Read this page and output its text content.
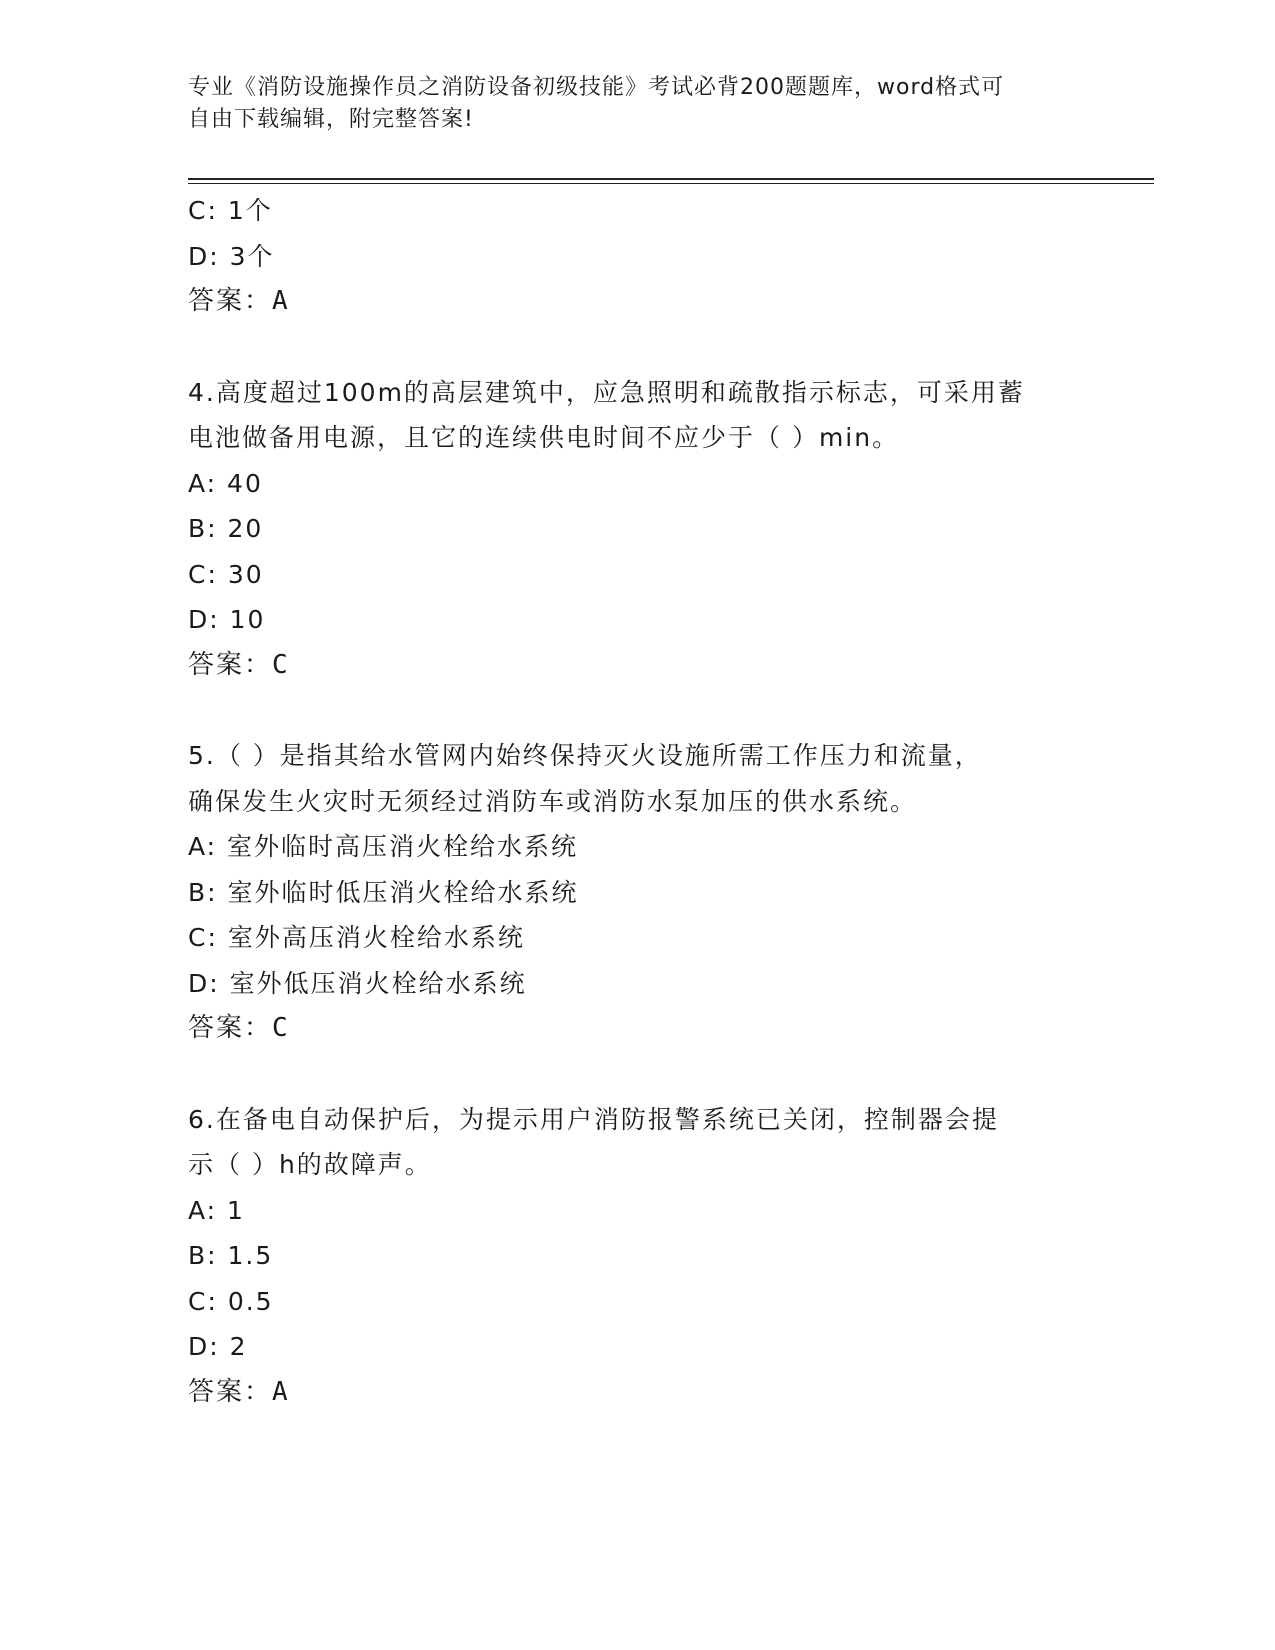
专业《消防设施操作员之消防设备初级技能》考试必背200题题库，word格式可
自由下载编辑，附完整答案!
C: 1个
D: 3个
答案：A
4.高度超过100m的高层建筑中，应急照明和疏散指示标志，可采用蓄
电池做备用电源，且它的连续供电时间不应少于（ ）min。
A: 40
B: 20
C: 30
D: 10
答案：C
5.（ ）是指其给水管网内始终保持灭火设施所需工作压力和流量，
确保发生火灾时无须经过消防车或消防水泵加压的供水系统。
A: 室外临时高压消火栓给水系统
B: 室外临时低压消火栓给水系统
C: 室外高压消火栓给水系统
D: 室外低压消火栓给水系统
答案：C
6.在备电自动保护后，为提示用户消防报警系统已关闭，控制器会提
示（ ）h的故障声。
A: 1
B: 1.5
C: 0.5
D: 2
答案：A
